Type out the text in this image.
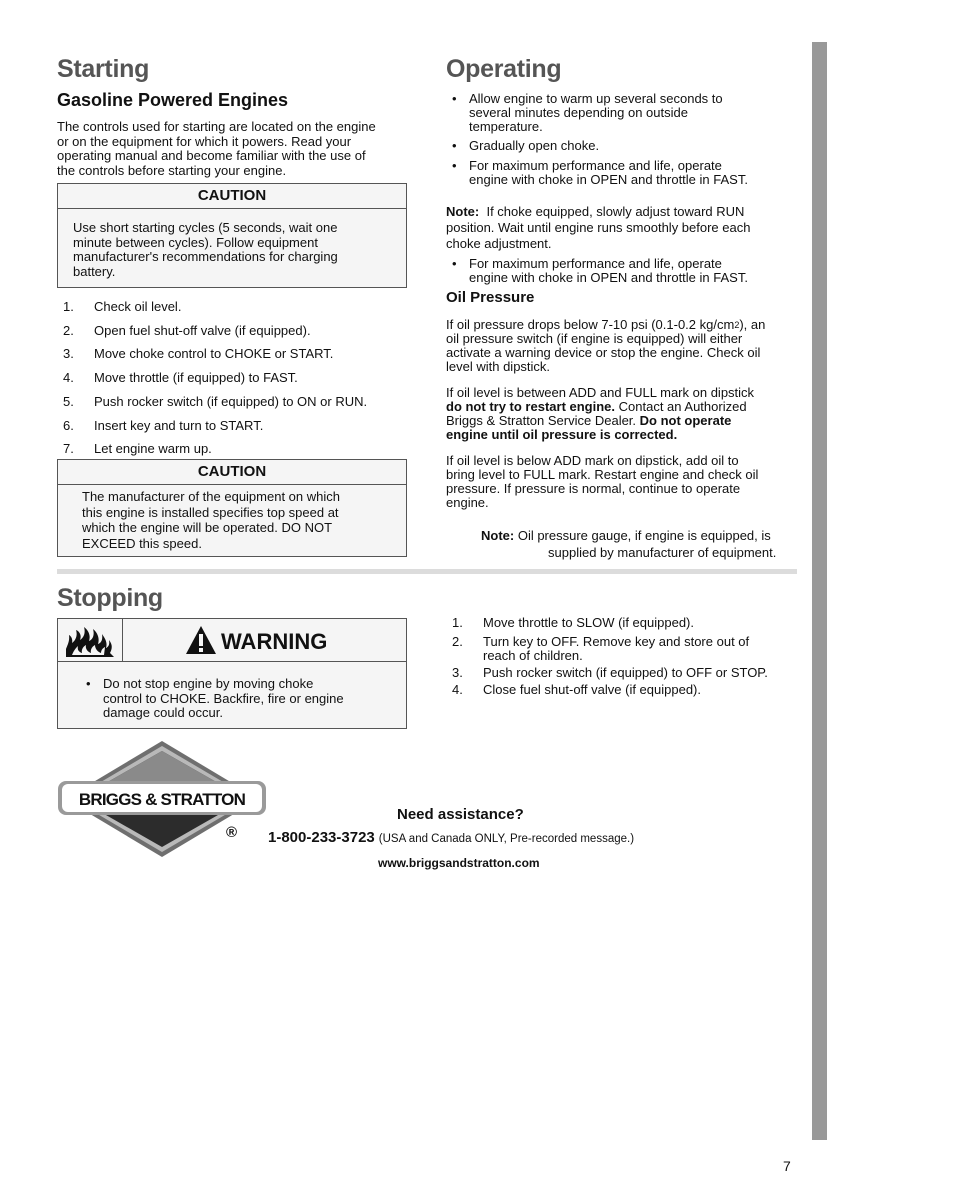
7
Starting
Gasoline Powered Engines
The controls used for starting are located on the engine
or on the equipment for which it powers. Read your
operating manual and become familiar with the use of
the controls before starting your engine.
CAUTION
Use short starting cycles (5 seconds, wait one
minute between cycles). Follow equipment
manufacturer's recommendations for charging
battery.
1. Check oil level.
2. Open fuel shut-off valve (if equipped).
3. Move choke control to CHOKE or START.
4. Move throttle (if equipped) to FAST.
5. Push rocker switch (if equipped) to ON or RUN.
6. Insert key and turn to START.
7. Let engine warm up.
CAUTION
The manufacturer of the equipment on which
this engine is installed specifies top speed at
which the engine will be operated. DO NOT
EXCEED this speed.
Operating
• Allow engine to warm up several seconds to
several minutes depending on outside
temperature.
• Gradually open choke.
• For maximum performance and life, operate
engine with choke in OPEN and throttle in FAST.
Note: If choke equipped, slowly adjust toward RUN
position. Wait until engine runs smoothly before each
choke adjustment.
• For maximum performance and life, operate
engine with choke in OPEN and throttle in FAST.
Oil Pressure
If oil pressure drops below 7-10 psi (0.1-0.2 kg/cm2), an
oil pressure switch (if engine is equipped) will either
activate a warning device or stop the engine. Check oil
level with dipstick.
If oil level is between ADD and FULL mark on dipstick
do not try to restart engine. Contact an Authorized
Briggs & Stratton Service Dealer. Do not operate
engine until oil pressure is corrected.
If oil level is below ADD mark on dipstick, add oil to
bring level to FULL mark. Restart engine and check oil
pressure. If pressure is normal, continue to operate
engine.
Note: Oil pressure gauge, if engine is equipped, is
supplied by manufacturer of equipment.
Stopping
WARNING
• Do not stop engine by moving choke
control to CHOKE. Backfire, fire or engine
damage could occur.
1. Move throttle to SLOW (if equipped).
2. Turn key to OFF. Remove key and store out of
reach of children.
3. Push rocker switch (if equipped) to OFF or STOP.
4. Close fuel shut-off valve (if equipped).
BRIGGS & STRATTON
®
Need assistance?
1-800-233-3723 (USA and Canada ONLY, Pre-recorded message.)
www.briggsandstratton.com
